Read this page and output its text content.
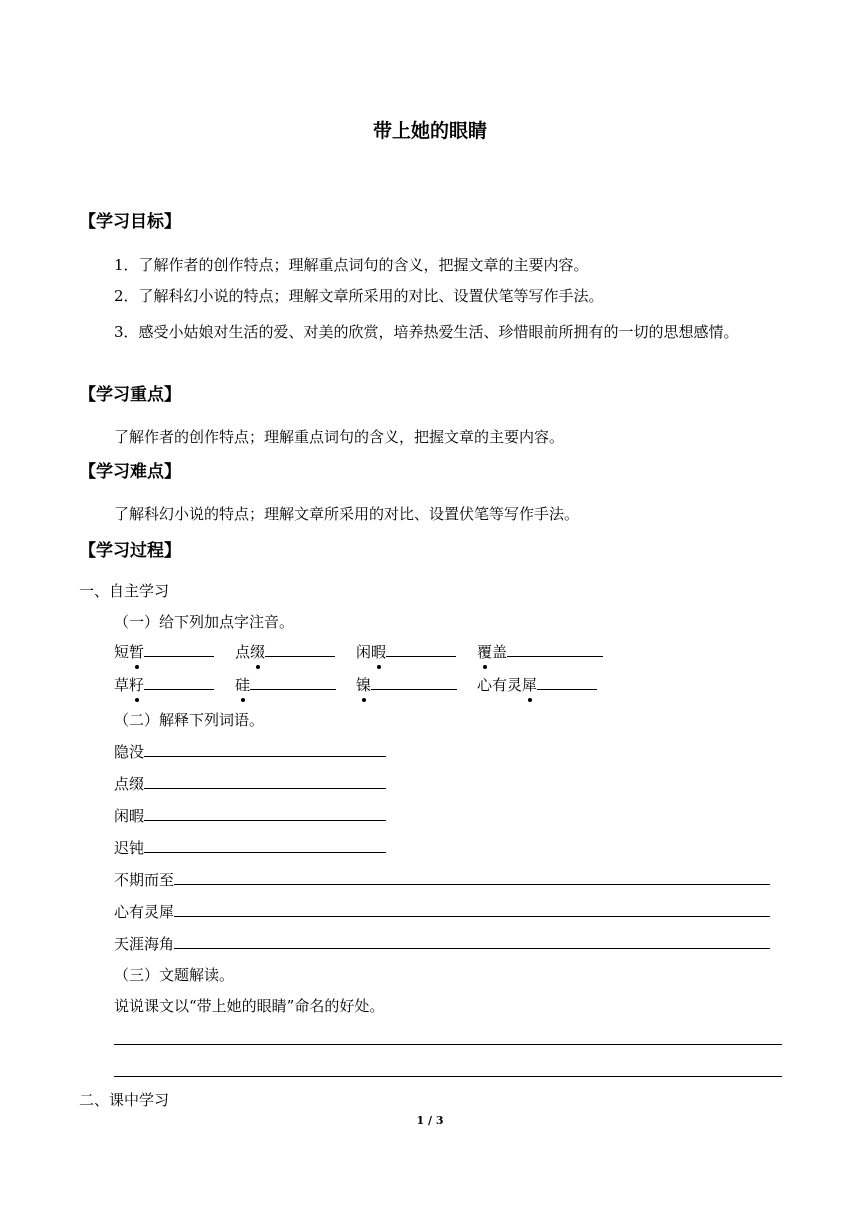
带上她的眼睛
【学习目标】
1．了解作者的创作特点；理解重点词句的含义，把握文章的主要内容。
2．了解科幻小说的特点；理解文章所采用的对比、设置伏笔等写作手法。
3．感受小姑娘对生活的爱、对美的欣赏，培养热爱生活、珍惜眼前所拥有的一切的思想感情。
【学习重点】
了解作者的创作特点；理解重点词句的含义，把握文章的主要内容。
【学习难点】
了解科幻小说的特点；理解文章所采用的对比、设置伏笔等写作手法。
【学习过程】
一、自主学习
（一）给下列加点字注音。
短暂	点缀	闲暇	覆盖
草籽	硅	镍	心有灵犀
（二）解释下列词语。
隐没
点缀
闲暇
迟钝
不期而至
心有灵犀
天涯海角
（三）文题解读。
说说课文以“带上她的眼睛”命名的好处。
二、课中学习
1 / 3
